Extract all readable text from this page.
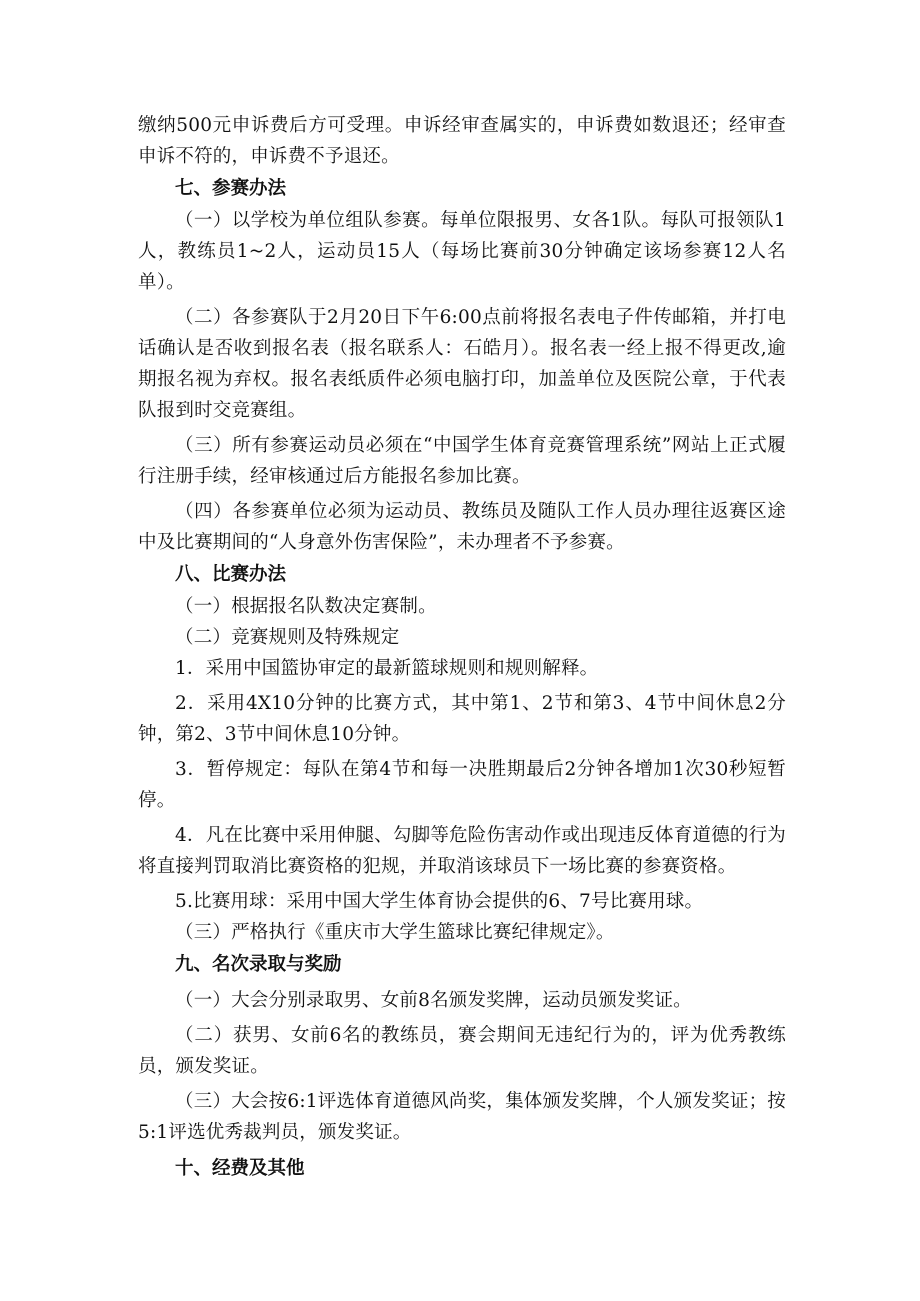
缴纳500元申诉费后方可受理。申诉经审查属实的，申诉费如数退还；经审查申诉不符的，申诉费不予退还。

七、参赛办法

（一）以学校为单位组队参赛。每单位限报男、女各1队。每队可报领队1人，教练员1~2人，运动员15人（每场比赛前30分钟确定该场参赛12人名单）。

（二）各参赛队于2月20日下午6:00点前将报名表电子件传邮箱，并打电话确认是否收到报名表（报名联系人：石皓月）。报名表一经上报不得更改,逾期报名视为弃权。报名表纸质件必须电脑打印，加盖单位及医院公章，于代表队报到时交竞赛组。

（三）所有参赛运动员必须在“中国学生体育竞赛管理系统”网站上正式履行注册手续，经审核通过后方能报名参加比赛。

（四）各参赛单位必须为运动员、教练员及随队工作人员办理往返赛区途中及比赛期间的“人身意外伤害保险”，未办理者不予参赛。

八、比赛办法

（一）根据报名队数决定赛制。

（二）竞赛规则及特殊规定

1．采用中国篮协审定的最新篮球规则和规则解释。

2．采用4X10分钟的比赛方式，其中第1、2节和第3、4节中间休息2分钟，第2、3节中间休息10分钟。

3．暂停规定：每队在第4节和每一决胜期最后2分钟各增加1次30秒短暂停。

4．凡在比赛中采用伸腿、勾脚等危险伤害动作或出现违反体育道德的行为将直接判罚取消比赛资格的犯规，并取消该球员下一场比赛的参赛资格。

5.比赛用球：采用中国大学生体育协会提供的6、7号比赛用球。

（三）严格执行《重庆市大学生篮球比赛纪律规定》。

九、名次录取与奖励

（一）大会分别录取男、女前8名颁发奖牌，运动员颁发奖证。

（二）获男、女前6名的教练员，赛会期间无违纪行为的，评为优秀教练员，颁发奖证。

（三）大会按6:1评选体育道德风尚奖，集体颁发奖牌，个人颁发奖证；按5:1评选优秀裁判员，颁发奖证。

十、经费及其他
